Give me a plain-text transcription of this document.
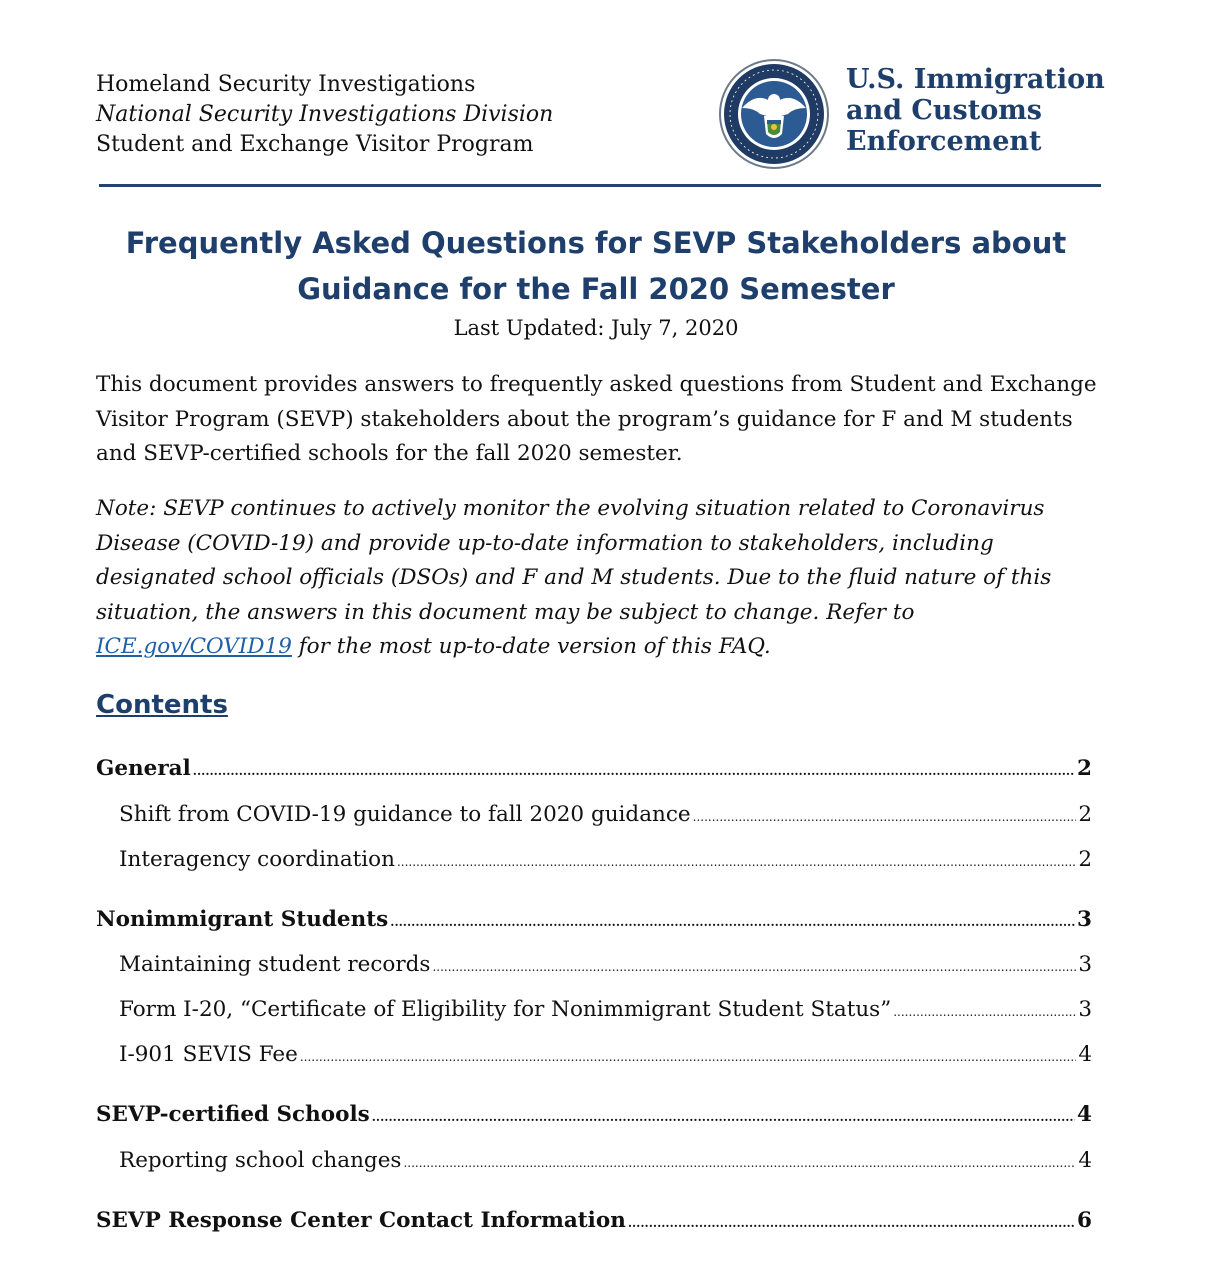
Homeland Security Investigations
National Security Investigations Division
Student and Exchange Visitor Program
U.S. Immigration
and Customs
Enforcement
Frequently Asked Questions for SEVP Stakeholders about
Guidance for the Fall 2020 Semester
Last Updated: July 7, 2020

This document provides answers to frequently asked questions from Student and Exchange Visitor Program (SEVP) stakeholders about the program’s guidance for F and M students and SEVP-certified schools for the fall 2020 semester.

Note: SEVP continues to actively monitor the evolving situation related to Coronavirus Disease (COVID-19) and provide up-to-date information to stakeholders, including designated school officials (DSOs) and F and M students. Due to the fluid nature of this situation, the answers in this document may be subject to change. Refer to ICE.gov/COVID19 for the most up-to-date version of this FAQ.

Contents
General .....	2
Shift from COVID-19 guidance to fall 2020 guidance .....	2
Interagency coordination .....	2
Nonimmigrant Students .....	3
Maintaining student records .....	3
Form I-20, “Certificate of Eligibility for Nonimmigrant Student Status” .....	3
I-901 SEVIS Fee .....	4
SEVP-certified Schools .....	4
Reporting school changes .....	4
SEVP Response Center Contact Information .....	6
